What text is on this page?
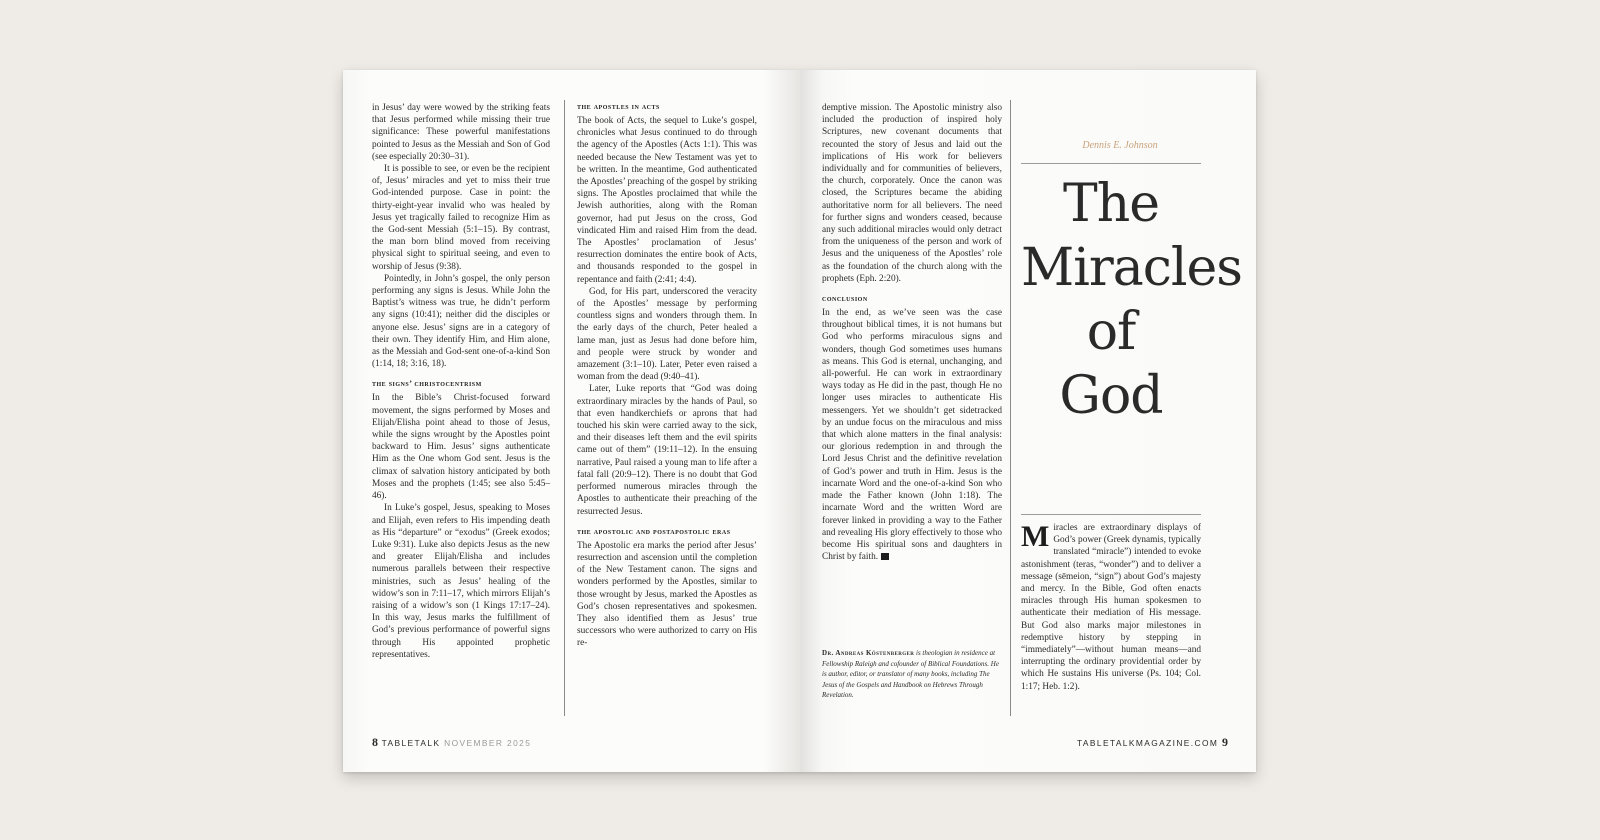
in Jesus’ day were wowed by the striking feats that Jesus performed while missing their true significance: These powerful manifestations pointed to Jesus as the Messiah and Son of God (see especially 20:30–31).

It is possible to see, or even be the recipient of, Jesus’ miracles and yet to miss their true God-intended purpose. Case in point: the thirty-eight-year invalid who was healed by Jesus yet tragically failed to recognize Him as the God-sent Messiah (5:1–15). By contrast, the man born blind moved from receiving physical sight to spiritual seeing, and even to worship of Jesus (9:38).

Pointedly, in John’s gospel, the only person performing any signs is Jesus. While John the Baptist’s witness was true, he didn’t perform any signs (10:41); neither did the disciples or anyone else. Jesus’ signs are in a category of their own. They identify Him, and Him alone, as the Messiah and God-sent one-of-a-kind Son (1:14, 18; 3:16, 18).

the signs’ christocentrism

In the Bible’s Christ-focused forward movement, the signs performed by Moses and Elijah/Elisha point ahead to those of Jesus, while the signs wrought by the Apostles point backward to Him. Jesus’ signs authenticate Him as the One whom God sent. Jesus is the climax of salvation history anticipated by both Moses and the prophets (1:45; see also 5:45–46).

In Luke’s gospel, Jesus, speaking to Moses and Elijah, even refers to His impending death as His “departure” or “exodus” (Greek exodos; Luke 9:31). Luke also depicts Jesus as the new and greater Elijah/Elisha and includes numerous parallels between their respective ministries, such as Jesus’ healing of the widow’s son in 7:11–17, which mirrors Elijah’s raising of a widow’s son (1 Kings 17:17–24). In this way, Jesus marks the fulfillment of God’s previous performance of powerful signs through His appointed prophetic representatives.

the apostles in acts

The book of Acts, the sequel to Luke’s gospel, chronicles what Jesus continued to do through the agency of the Apostles (Acts 1:1). This was needed because the New Testament was yet to be written. In the meantime, God authenticated the Apostles’ preaching of the gospel by striking signs. The Apostles proclaimed that while the Jewish authorities, along with the Roman governor, had put Jesus on the cross, God vindicated Him and raised Him from the dead. The Apostles’ proclamation of Jesus’ resurrection dominates the entire book of Acts, and thousands responded to the gospel in repentance and faith (2:41; 4:4).

God, for His part, underscored the veracity of the Apostles’ message by performing countless signs and wonders through them. In the early days of the church, Peter healed a lame man, just as Jesus had done before him, and people were struck by wonder and amazement (3:1–10). Later, Peter even raised a woman from the dead (9:40–41).

Later, Luke reports that “God was doing extraordinary miracles by the hands of Paul, so that even handkerchiefs or aprons that had touched his skin were carried away to the sick, and their diseases left them and the evil spirits came out of them” (19:11–12). In the ensuing narrative, Paul raised a young man to life after a fatal fall (20:9–12). There is no doubt that God performed numerous miracles through the Apostles to authenticate their preaching of the resurrected Jesus.

the apostolic and postapostolic eras

The Apostolic era marks the period after Jesus’ resurrection and ascension until the completion of the New Testament canon. The signs and wonders performed by the Apostles, similar to those wrought by Jesus, marked the Apostles as God’s chosen representatives and spokesmen. They also identified them as Jesus’ true successors who were authorized to carry on His re-

8 TABLETALK NOVEMBER 2025

demptive mission. The Apostolic ministry also included the production of inspired holy Scriptures, new covenant documents that recounted the story of Jesus and laid out the implications of His work for believers individually and for communities of believers, the church, corporately. Once the canon was closed, the Scriptures became the abiding authoritative norm for all believers. The need for further signs and wonders ceased, because any such additional miracles would only detract from the uniqueness of the person and work of Jesus and the uniqueness of the Apostles’ role as the foundation of the church along with the prophets (Eph. 2:20).

conclusion

In the end, as we’ve seen was the case throughout biblical times, it is not humans but God who performs miraculous signs and wonders, though God sometimes uses humans as means. This God is eternal, unchanging, and all-powerful. He can work in extraordinary ways today as He did in the past, though He no longer uses miracles to authenticate His messengers. Yet we shouldn’t get sidetracked by an undue focus on the miraculous and miss that which alone matters in the final analysis: our glorious redemption in and through the Lord Jesus Christ and the definitive revelation of God’s power and truth in Him. Jesus is the incarnate Word and the one-of-a-kind Son who made the Father known (John 1:18). The incarnate Word and the written Word are forever linked in providing a way to the Father and revealing His glory effectively to those who become His spiritual sons and daughters in Christ by faith.

Dr. Andreas Köstenberger is theologian in residence at Fellowship Raleigh and cofounder of Biblical Foundations. He is author, editor, or translator of many books, including The Jesus of the Gospels and Handbook on Hebrews Through Revelation.
Dennis E. Johnson
The
Miracles
of
God

Miracles are extraordinary displays of God’s power (Greek dynamis, typically translated “miracle”) intended to evoke astonishment (teras, “wonder”) and to deliver a message (sēmeion, “sign”) about God’s majesty and mercy. In the Bible, God often enacts miracles through His human spokesmen to authenticate their mediation of His message. But God also marks major milestones in redemptive history by stepping in “immediately”—without human means—and interrupting the ordinary providential order by which He sustains His universe (Ps. 104; Col. 1:17; Heb. 1:2).

TABLETALKMAGAZINE.COM 9
